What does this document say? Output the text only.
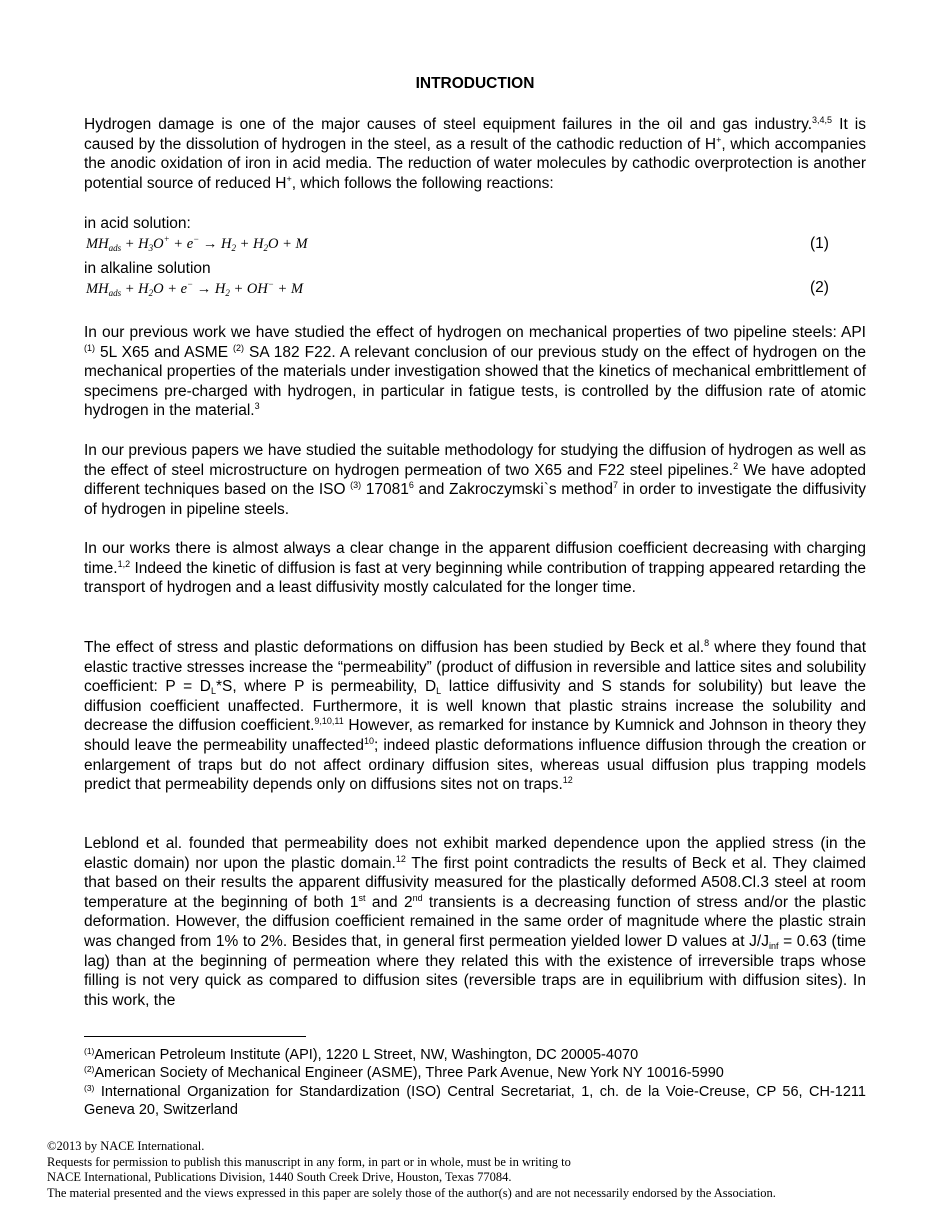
INTRODUCTION

Hydrogen damage is one of the major causes of steel equipment failures in the oil and gas industry.$^{3,4,5}$ It is caused by the dissolution of hydrogen in the steel, as a result of the cathodic reduction of H+, which accompanies the anodic oxidation of iron in acid media. The reduction of water molecules by cathodic overprotection is another potential source of reduced H+, which follows the following reactions:

in acid solution:
$MH_{ads} + H_3O^+ + e^- \to H_2 + H_2O + M$	(1)
in alkaline solution
$MH_{ads} + H_2O + e^- \to H_2 + OH^- + M$	(2)

In our previous work we have studied the effect of hydrogen on mechanical properties of two pipeline steels: API $^{(1)}$ 5L X65 and ASME $^{(2)}$ SA 182 F22. A relevant conclusion of our previous study on the effect of hydrogen on the mechanical properties of the materials under investigation showed that the kinetics of mechanical embrittlement of specimens pre-charged with hydrogen, in particular in fatigue tests, is controlled by the diffusion rate of atomic hydrogen in the material.$^3$

In our previous papers we have studied the suitable methodology for studying the diffusion of hydrogen as well as the effect of steel microstructure on hydrogen permeation of two X65 and F22 steel pipelines.$^2$ We have adopted different techniques based on the ISO $^{(3)}$ 17081$^6$ and Zakroczymski`s method$^7$ in order to investigate the diffusivity of hydrogen in pipeline steels.

In our works there is almost always a clear change in the apparent diffusion coefficient decreasing with charging time.$^{1,2}$ Indeed the kinetic of diffusion is fast at very beginning while contribution of trapping appeared retarding the transport of hydrogen and a least diffusivity mostly calculated for the longer time.

The effect of stress and plastic deformations on diffusion has been studied by Beck et al.$^8$ where they found that elastic tractive stresses increase the “permeability” (product of diffusion in reversible and lattice sites and solubility coefficient: $P = D_L*S$, where P is permeability, $D_L$ lattice diffusivity and S stands for solubility) but leave the diffusion coefficient unaffected. Furthermore, it is well known that plastic strains increase the solubility and decrease the diffusion coefficient.$^{9,10,11}$ However, as remarked for instance by Kumnick and Johnson in theory they should leave the permeability unaffected$^{10}$; indeed plastic deformations influence diffusion through the creation or enlargement of traps but do not affect ordinary diffusion sites, whereas usual diffusion plus trapping models predict that permeability depends only on diffusions sites not on traps.$^{12}$

Leblond et al. founded that permeability does not exhibit marked dependence upon the applied stress (in the elastic domain) nor upon the plastic domain.$^{12}$ The first point contradicts the results of Beck et al. They claimed that based on their results the apparent diffusivity measured for the plastically deformed A508.Cl.3 steel at room temperature at the beginning of both 1st and 2nd transients is a decreasing function of stress and/or the plastic deformation. However, the diffusion coefficient remained in the same order of magnitude where the plastic strain was changed from 1% to 2%. Besides that, in general first permeation yielded lower D values at $J/J_{inf} = 0.63$ (time lag) than at the beginning of permeation where they related this with the existence of irreversible traps whose filling is not very quick as compared to diffusion sites (reversible traps are in equilibrium with diffusion sites). In this work, the

$^{(1)}$American Petroleum Institute (API), 1220 L Street, NW, Washington, DC 20005-4070
$^{(2)}$American Society of Mechanical Engineer (ASME), Three Park Avenue, New York NY 10016-5990
$^{(3)}$ International Organization for Standardization (ISO) Central Secretariat, 1, ch. de la Voie-Creuse, CP 56, CH-1211 Geneva 20, Switzerland
©2013 by NACE International.
Requests for permission to publish this manuscript in any form, in part or in whole, must be in writing to
NACE International, Publications Division, 1440 South Creek Drive, Houston, Texas 77084.
The material presented and the views expressed in this paper are solely those of the author(s) and are not necessarily endorsed by the Association.
